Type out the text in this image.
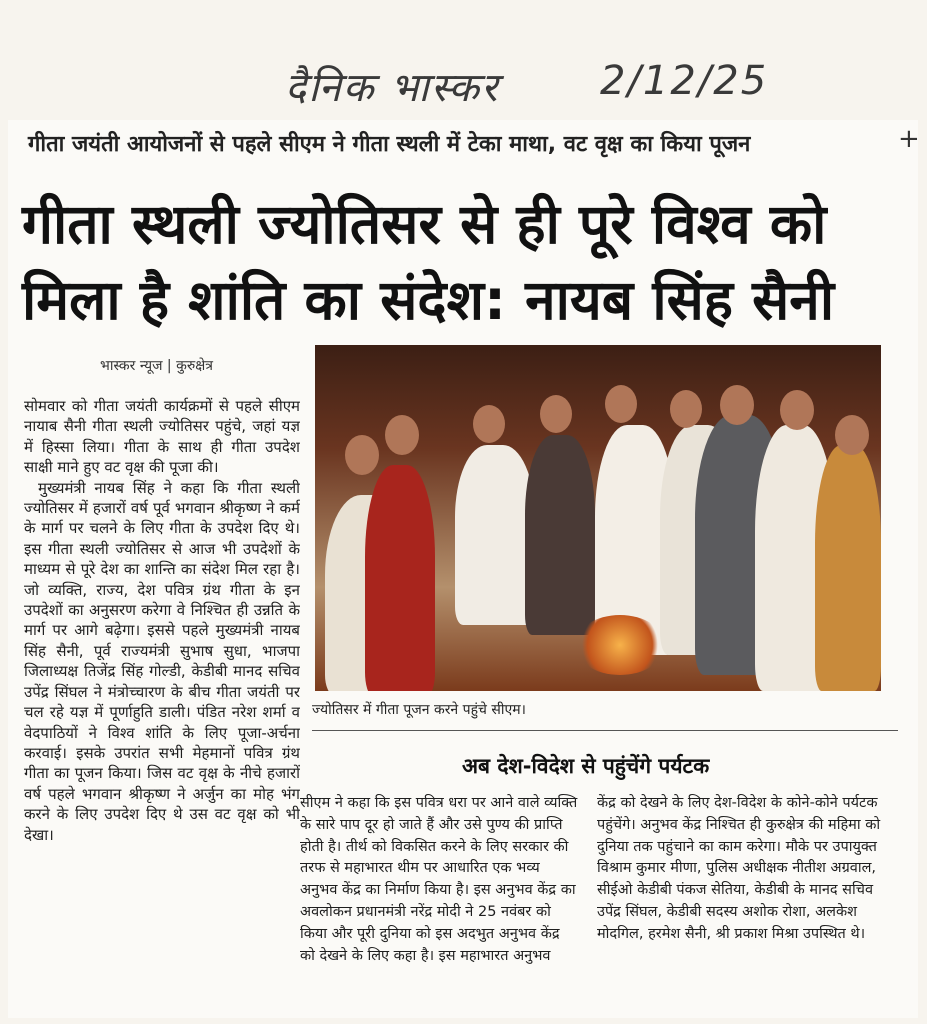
दैनिक भास्कर	2/12/25
गीता जयंती आयोजनों से पहले सीएम ने गीता स्थली में टेका माथा, वट वृक्ष का किया पूजन	+
गीता स्थली ज्योतिसर से ही पूरे विश्व को
मिला है शांति का संदेश: नायब सिंह सैनी
भास्कर न्यूज | कुरुक्षेत्र

सोमवार को गीता जयंती कार्यक्रमों से पहले सीएम नायाब सैनी गीता स्थली ज्योतिसर पहुंचे, जहां यज्ञ में हिस्सा लिया। गीता के साथ ही गीता उपदेश साक्षी माने हुए वट वृक्ष की पूजा की।

मुख्यमंत्री नायब सिंह ने कहा कि गीता स्थली ज्योतिसर में हजारों वर्ष पूर्व भगवान श्रीकृष्ण ने कर्म के मार्ग पर चलने के लिए गीता के उपदेश दिए थे। इस गीता स्थली ज्योतिसर से आज भी उपदेशों के माध्यम से पूरे देश का शान्ति का संदेश मिल रहा है। जो व्यक्ति, राज्य, देश पवित्र ग्रंथ गीता के इन उपदेशों का अनुसरण करेगा वे निश्चित ही उन्नति के मार्ग पर आगे बढ़ेगा। इससे पहले मुख्यमंत्री नायब सिंह सैनी, पूर्व राज्यमंत्री सुभाष सुधा, भाजपा जिलाध्यक्ष तिजेंद्र सिंह गोल्डी, केडीबी मानद सचिव उपेंद्र सिंघल ने मंत्रोच्चारण के बीच गीता जयंती पर चल रहे यज्ञ में पूर्णाहुति डाली। पंडित नरेश शर्मा व वेदपाठियों ने विश्व शांति के लिए पूजा-अर्चना करवाई। इसके उपरांत सभी मेहमानों पवित्र ग्रंथ गीता का पूजन किया। जिस वट वृक्ष के नीचे हजारों वर्ष पहले भगवान श्रीकृष्ण ने अर्जुन का मोह भंग करने के लिए उपदेश दिए थे उस वट वृक्ष को भी देखा।

ज्योतिसर में गीता पूजन करने पहुंचे सीएम।
अब देश-विदेश से पहुंचेंगे पर्यटक
सीएम ने कहा कि इस पवित्र धरा पर आने वाले व्यक्ति के सारे पाप दूर हो जाते हैं और उसे पुण्य की प्राप्ति होती है। तीर्थ को विकसित करने के लिए सरकार की तरफ से महाभारत थीम पर आधारित एक भव्य अनुभव केंद्र का निर्माण किया है। इस अनुभव केंद्र का अवलोकन प्रधानमंत्री नरेंद्र मोदी ने 25 नवंबर को किया और पूरी दुनिया को इस अदभुत अनुभव केंद्र को देखने के लिए कहा है। इस महाभारत अनुभव
केंद्र को देखने के लिए देश-विदेश के कोने-कोने पर्यटक पहुंचेंगे। अनुभव केंद्र निश्चित ही कुरुक्षेत्र की महिमा को दुनिया तक पहुंचाने का काम करेगा। मौके पर उपायुक्त विश्राम कुमार मीणा, पुलिस अधीक्षक नीतीश अग्रवाल, सीईओ केडीबी पंकज सेतिया, केडीबी के मानद सचिव उपेंद्र सिंघल, केडीबी सदस्य अशोक रोशा, अलकेश मोदगिल, हरमेश सैनी, श्री प्रकाश मिश्रा उपस्थित थे।
